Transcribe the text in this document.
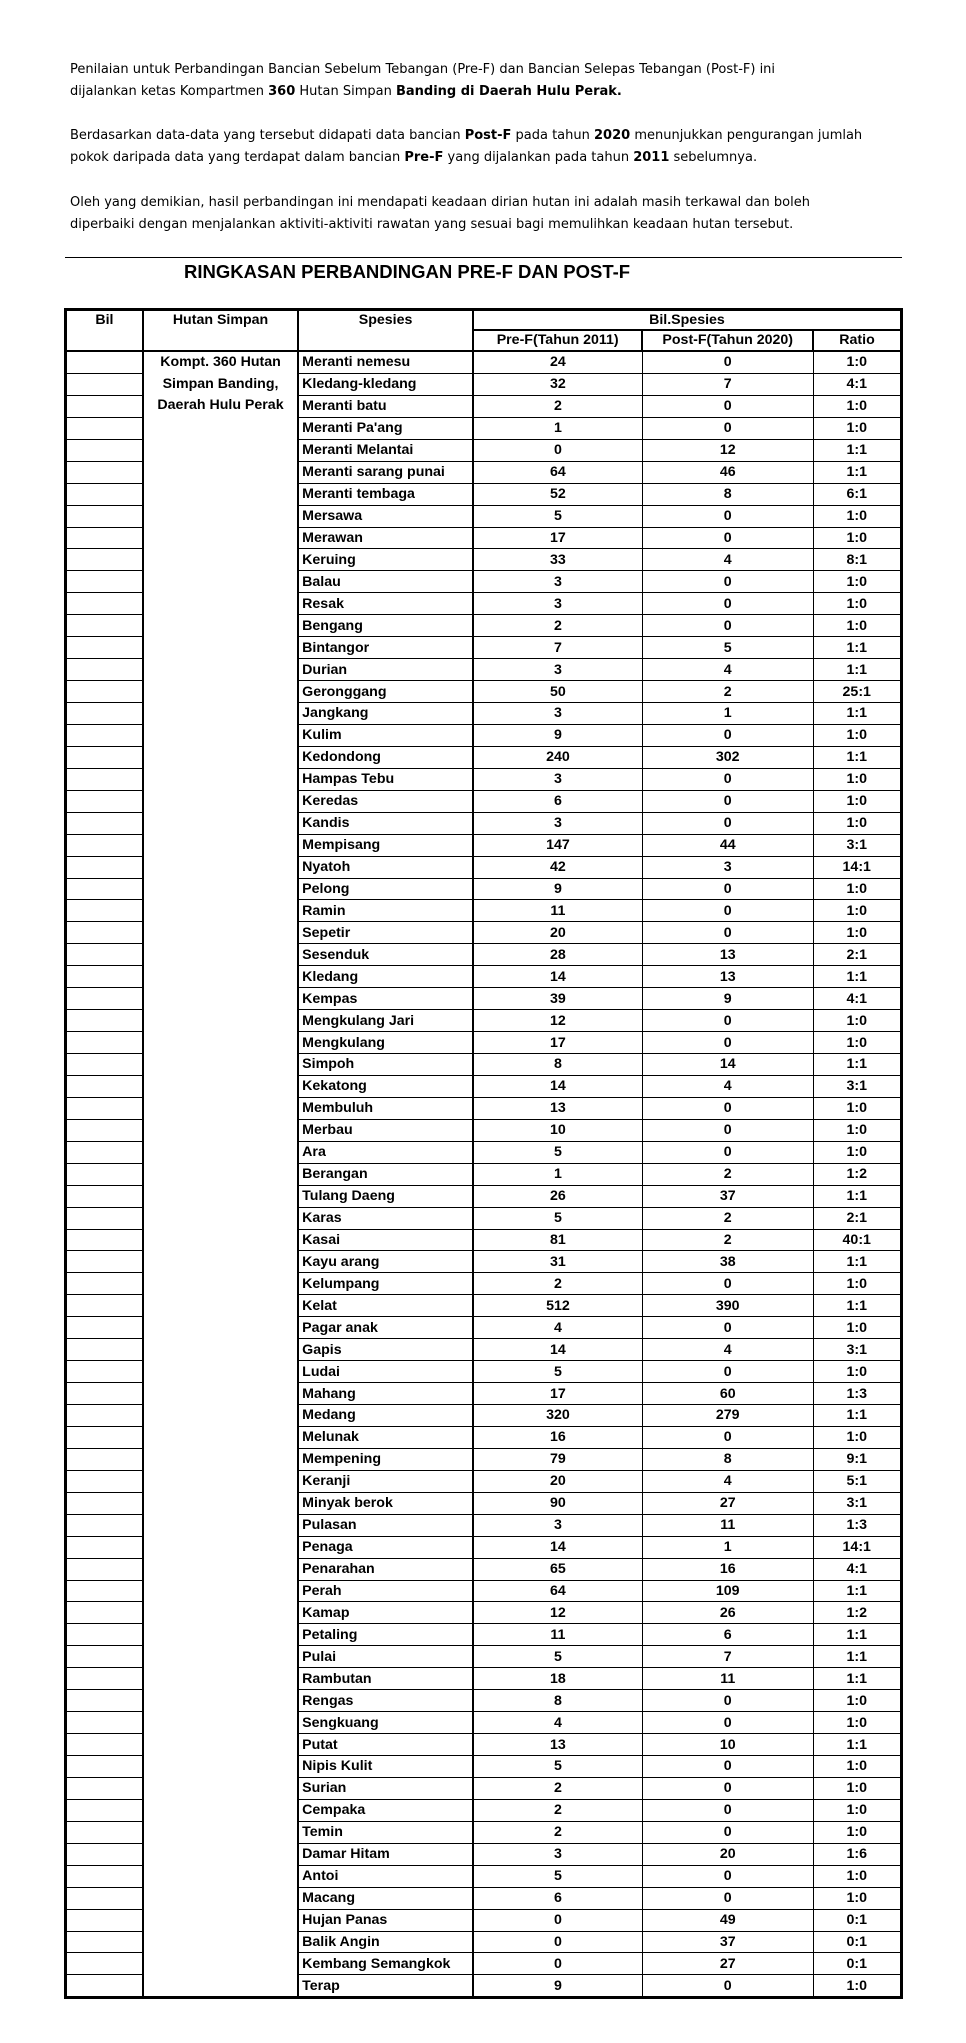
Penilaian untuk Perbandingan Bancian Sebelum Tebangan (Pre-F) dan Bancian Selepas Tebangan (Post-F) ini
dijalankan ketas Kompartmen 360 Hutan Simpan Banding di Daerah Hulu Perak.

Berdasarkan data-data yang tersebut didapati data bancian Post-F pada tahun 2020 menunjukkan pengurangan jumlah
pokok daripada data yang terdapat dalam bancian Pre-F yang dijalankan pada tahun 2011 sebelumnya.

Oleh yang demikian, hasil perbandingan ini mendapati keadaan dirian hutan ini adalah masih terkawal dan boleh
diperbaiki dengan menjalankan aktiviti-aktiviti rawatan yang sesuai bagi memulihkan keadaan hutan tersebut.

RINGKASAN PERBANDINGAN PRE-F DAN POST-F
Bil	Hutan Simpan	Spesies	Bil.Spesies		
			Pre-F(Tahun 2011)	Post-F(Tahun 2020)	Ratio
	Kompt. 360 Hutan Simpan Banding, Daerah Hulu Perak	Meranti nemesu	24	0	1:0
		Kledang-kledang	32	7	4:1
		Meranti batu	2	0	1:0
		Meranti Pa'ang	1	0	1:0
		Meranti Melantai	0	12	1:1
		Meranti sarang punai	64	46	1:1
		Meranti tembaga	52	8	6:1
		Mersawa	5	0	1:0
		Merawan	17	0	1:0
		Keruing	33	4	8:1
		Balau	3	0	1:0
		Resak	3	0	1:0
		Bengang	2	0	1:0
		Bintangor	7	5	1:1
		Durian	3	4	1:1
		Geronggang	50	2	25:1
		Jangkang	3	1	1:1
		Kulim	9	0	1:0
		Kedondong	240	302	1:1
		Hampas Tebu	3	0	1:0
		Keredas	6	0	1:0
		Kandis	3	0	1:0
		Mempisang	147	44	3:1
		Nyatoh	42	3	14:1
		Pelong	9	0	1:0
		Ramin	11	0	1:0
		Sepetir	20	0	1:0
		Sesenduk	28	13	2:1
		Kledang	14	13	1:1
		Kempas	39	9	4:1
		Mengkulang Jari	12	0	1:0
		Mengkulang	17	0	1:0
		Simpoh	8	14	1:1
		Kekatong	14	4	3:1
		Membuluh	13	0	1:0
		Merbau	10	0	1:0
		Ara	5	0	1:0
		Berangan	1	2	1:2
		Tulang Daeng	26	37	1:1
		Karas	5	2	2:1
		Kasai	81	2	40:1
		Kayu arang	31	38	1:1
		Kelumpang	2	0	1:0
		Kelat	512	390	1:1
		Pagar anak	4	0	1:0
		Gapis	14	4	3:1
		Ludai	5	0	1:0
		Mahang	17	60	1:3
		Medang	320	279	1:1
		Melunak	16	0	1:0
		Mempening	79	8	9:1
		Keranji	20	4	5:1
		Minyak berok	90	27	3:1
		Pulasan	3	11	1:3
		Penaga	14	1	14:1
		Penarahan	65	16	4:1
		Perah	64	109	1:1
		Kamap	12	26	1:2
		Petaling	11	6	1:1
		Pulai	5	7	1:1
		Rambutan	18	11	1:1
		Rengas	8	0	1:0
		Sengkuang	4	0	1:0
		Putat	13	10	1:1
		Nipis Kulit	5	0	1:0
		Surian	2	0	1:0
		Cempaka	2	0	1:0
		Temin	2	0	1:0
		Damar Hitam	3	20	1:6
		Antoi	5	0	1:0
		Macang	6	0	1:0
		Hujan Panas	0	49	0:1
		Balik Angin	0	37	0:1
		Kembang Semangkok	0	27	0:1
		Terap	9	0	1:0
